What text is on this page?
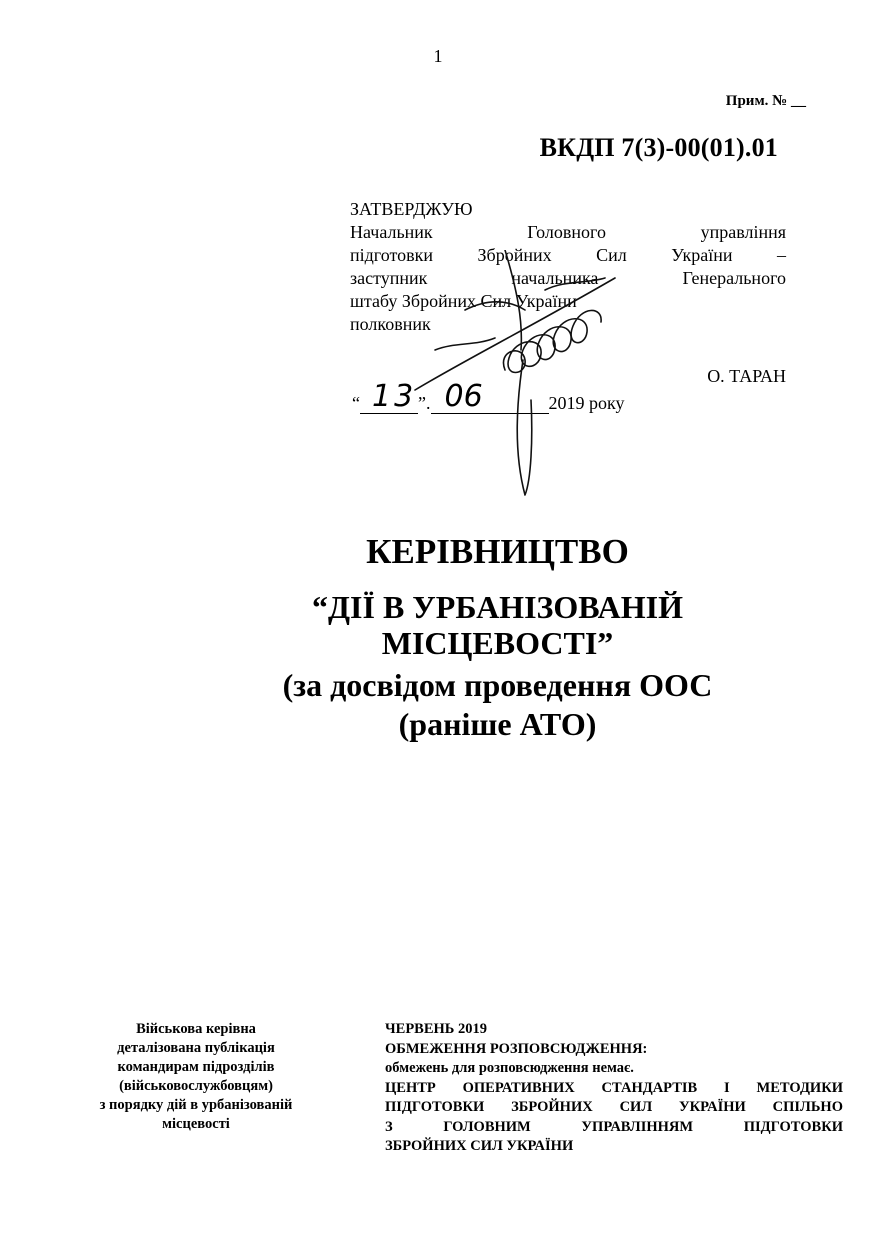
1
Прим. № __
ВКДП 7(3)-00(01).01
ЗАТВЕРДЖУЮ
Начальник Головного управління
підготовки Збройних Сил України –
заступник начальника Генерального
штабу Збройних Сил України
полковник
О. ТАРАН
“ 13 ”. 06	2019 року
КЕРІВНИЦТВО
“ДІЇ В УРБАНІЗОВАНІЙ
МІСЦЕВОСТІ”
(за досвідом проведення ООС
(раніше АТО)
Військова керівна
деталізована публікація
командирам підрозділів
(військовослужбовцям)
з порядку дій в урбанізованій
місцевості
ЧЕРВЕНЬ 2019
ОБМЕЖЕННЯ РОЗПОВСЮДЖЕННЯ:
обмежень для розповсюдження немає.
ЦЕНТР ОПЕРАТИВНИХ СТАНДАРТІВ І МЕТОДИКИ
ПІДГОТОВКИ ЗБРОЙНИХ СИЛ УКРАЇНИ СПІЛЬНО
З ГОЛОВНИМ УПРАВЛІННЯМ ПІДГОТОВКИ
ЗБРОЙНИХ СИЛ УКРАЇНИ
